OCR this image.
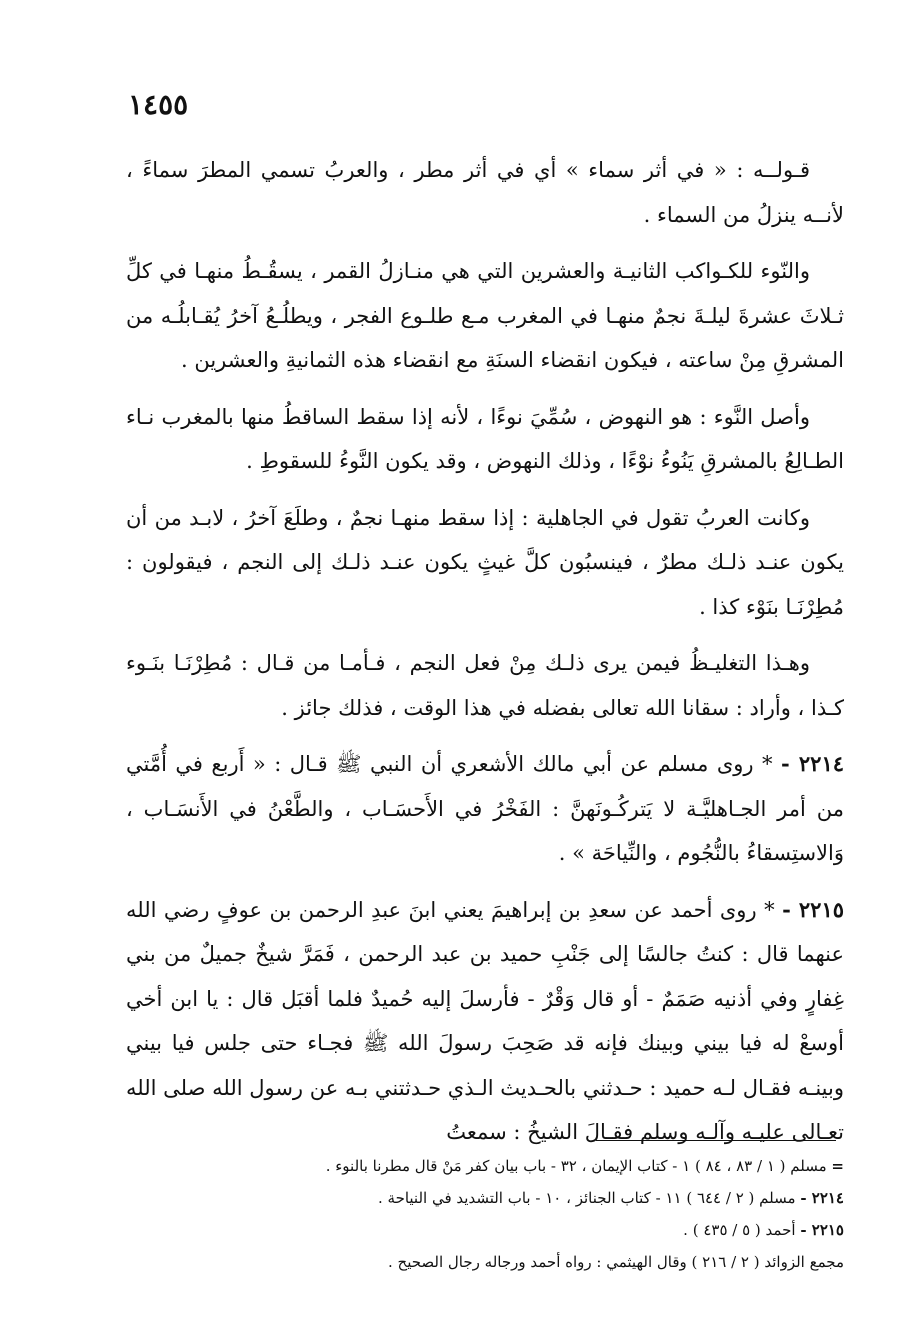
١٤٥٥

قـولــه : « في أثر سماء » أي في أثر مطر ، والعربُ تسمي المطرَ سماءً ، لأنــه ينزلُ من السماء .

والنّوء للكـواكب الثانيـة والعشرين التي هي منـازلُ القمر ، يسقُـطُ منهـا في كلِّ ثـلاثَ عشرةَ ليلـةَ نجمٌ منهـا في المغرب مـع طلـوع الفجر ، ويطلُـعُ آخرُ يُقـابلُـه من المشرقِ مِنْ ساعته ، فيكون انقضاء السنَةِ مع انقضاء هذه الثمانيةِ والعشرين .

وأصل النَّوء : هو النهوض ، سُمِّيَ نوءًا ، لأنه إذا سقط الساقطُ منها بالمغرب نـاء الطـالِعُ بالمشرقِ يَنُوءُ نوْءًا ، وذلك النهوض ، وقد يكون النَّوءُ للسقوطِ .

وكانت العربُ تقول في الجاهلية : إذا سقط منهـا نجمٌ ، وطلَعَ آخرُ ، لابـد من أن يكون عنـد ذلـك مطرٌ ، فينسبُون كلَّ غيثٍ يكون عنـد ذلـك إلى النجم ، فيقولون : مُطِرْنَـا بنَوْء كذا .

وهـذا التغليـظُ فيمن يرى ذلـك مِنْ فعل النجم ، فـأمـا من قـال : مُطِرْنَـا بنَـوء كـذا ، وأراد : سقانا الله تعالى بفضله في هذا الوقت ، فذلك جائز .

٢٢١٤ - * روى مسلم عن أبي مالك الأشعري أن النبي ﷺ قـال : « أَربع في أُمَّتي من أمر الجـاهليَّـة لا يَتركُـونَهنَّ : الفَخْرُ في الأَحسَـاب ، والطَّعْنُ في الأَنسَـاب ، وَالاستِسقاءُ بالنُّجُوم ، والنِّياحَة » .

٢٢١٥ - * روى أحمد عن سعدِ بن إبراهيمَ يعني ابنَ عبدِ الرحمن بن عوفٍ رضي الله عنهما قال : كنتُ جالسًا إلى جَنْبِ حميد بن عبد الرحمن ، فَمَرَّ شيخٌ جميلٌ من بني غِفارٍ وفي أذنيه صَمَمٌ - أو قال وَقْرٌ - فأرسلَ إليه حُميدٌ فلما أقبَل قال : يا ابن أخي أوسعْ له فيا بيني وبينك فإنه قد صَحِبَ رسولَ الله ﷺ فجـاء حتى جلس فيا بيني وبينـه فقـال لـه حميد : حـدثني بالحـديث الـذي حـدثتني بـه عن رسول الله صلى الله تعـالى عليـه وآلـه وسلم فقـالَ الشيخُ : سمعتُ

= مسلم ( ١ / ٨٣ ، ٨٤ ) ١ - كتاب الإيمان ، ٣٢ - باب بيان كفر مَنْ قال مطرنا بالنوء .

٢٢١٤ - مسلم ( ٢ / ٦٤٤ ) ١١ - كتاب الجنائز ، ١٠ - باب التشديد في النياحة .

٢٢١٥ - أحمد ( ٥ / ٤٣٥ ) .

مجمع الزوائد ( ٢ / ٢١٦ ) وقال الهيثمي : رواه أحمد ورجاله رجال الصحيح .
